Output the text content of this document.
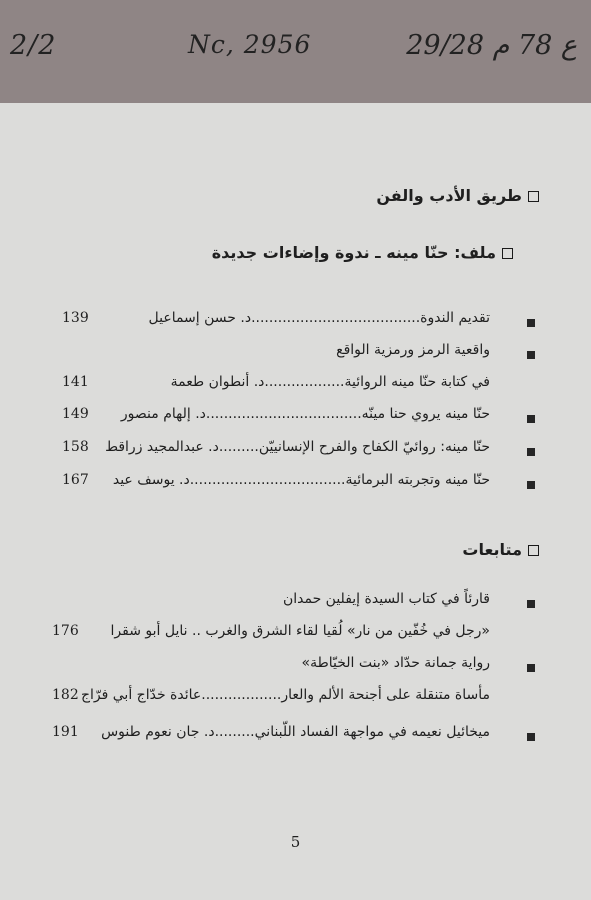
2/2	Nc, 2956	29/28 ع 78 م
طريق الأدب والفن
ملف: حنّا مينه ـ ندوة وإضاءات جديدة
تقديم الندوة......................................د. حسن إسماعيل
139
واقعية الرمز ورمزية الواقع
في كتابة حنّا مينه الروائية..................د. أنطوان طعمة
141
حنّا مينه يروي حنا مينّه...................................د. إلهام منصور
149
حنّا مينه: روائيّ الكفاح والفرح الإنسانييّن.........د. عبدالمجيد زراقط
158
حنّا مينه وتجربته البرمائية...................................د. يوسف عيد
167
متابعات
قارئاً في كتاب السيدة إيفلين حمدان
«رجل في خُفّين من نار» لُقيا لقاء الشرق والغرب .. نايل أبو شقرا
176
رواية جمانة حدّاد «بنت الخيّاطة»
مأساة متنقلة على أجنحة الألم والعار..................عائدة خدّاج أبي فرّاج
182
ميخائيل نعيمه في مواجهة الفساد اللّبناني.........د. جان نعوم طنوس
191
5
